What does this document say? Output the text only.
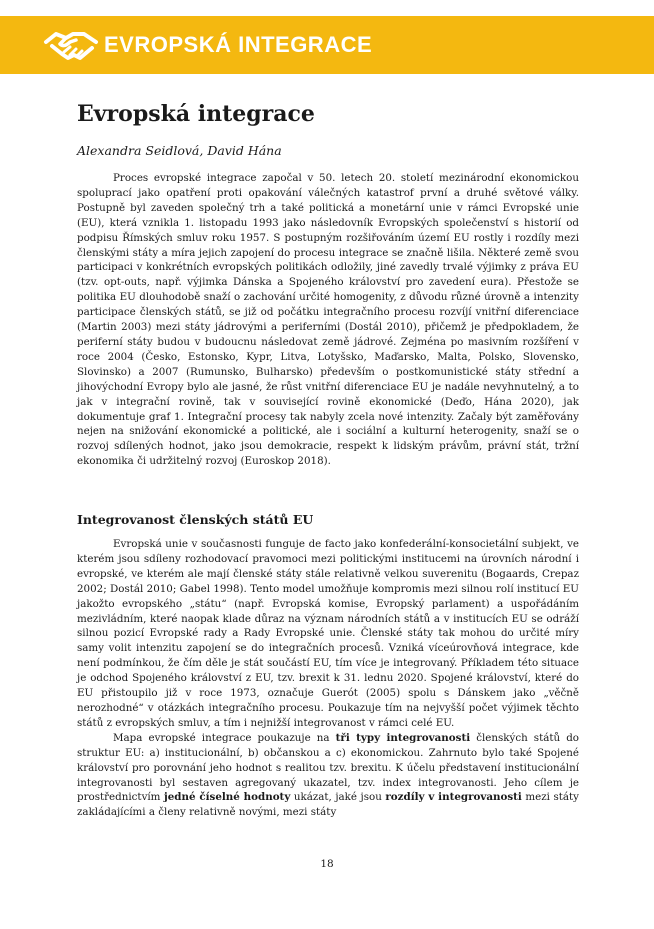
EVROPSKÁ INTEGRACE
Evropská integrace
Alexandra Seidlová, David Hána

Proces evropské integrace započal v 50. letech 20. století mezinárodní ekonomickou spoluprací jako opatření proti opakování válečných katastrof první a druhé světové války. Postupně byl zaveden společný trh a také politická a monetární unie v rámci Evropské unie (EU), která vznikla 1. listopadu 1993 jako následovník Evropských společenství s historií od podpisu Římských smluv roku 1957. S postupným rozšiřováním území EU rostly i rozdíly mezi členskými státy a míra jejich zapojení do procesu integrace se značně lišila. Některé země svou participaci v konkrétních evropských politikách odložily, jiné zavedly trvalé výjimky z práva EU (tzv. opt-outs, např. výjimka Dánska a Spojeného království pro zavedení eura). Přestože se politika EU dlouhodobě snaží o zachování určité homogenity, z důvodu různé úrovně a intenzity participace členských států, se již od počátku integračního procesu rozvíjí vnitřní diferenciace (Martin 2003) mezi státy jádrovými a periferními (Dostál 2010), přičemž je předpokladem, že periferní státy budou v budoucnu následovat země jádrové. Zejména po masivním rozšíření v roce 2004 (Česko, Estonsko, Kypr, Litva, Lotyšsko, Maďarsko, Malta, Polsko, Slovensko, Slovinsko) a 2007 (Rumunsko, Bulharsko) především o postkomunistické státy střední a jihovýchodní Evropy bylo ale jasné, že růst vnitřní diferenciace EU je nadále nevyhnutelný, a to jak v integrační rovině, tak v související rovině ekonomické (Deďo, Hána 2020), jak dokumentuje graf 1. Integrační procesy tak nabyly zcela nové intenzity. Začaly být zaměřovány nejen na snižování ekonomické a politické, ale i sociální a kulturní heterogenity, snaží se o rozvoj sdílených hodnot, jako jsou demokracie, respekt k lidským právům, právní stát, tržní ekonomika či udržitelný rozvoj (Euroskop 2018).

Integrovanost členských států EU

Evropská unie v současnosti funguje de facto jako konfederální-konsocietální subjekt, ve kterém jsou sdíleny rozhodovací pravomoci mezi politickými institucemi na úrovních národní i evropské, ve kterém ale mají členské státy stále relativně velkou suverenitu (Bogaards, Crepaz 2002; Dostál 2010; Gabel 1998). Tento model umožňuje kompromis mezi silnou rolí institucí EU jakožto evropského „státu“ (např. Evropská komise, Evropský parlament) a uspořádáním mezivládním, které naopak klade důraz na význam národních států a v institucích EU se odráží silnou pozicí Evropské rady a Rady Evropské unie. Členské státy tak mohou do určité míry samy volit intenzitu zapojení se do integračních procesů. Vzniká víceúrovňová integrace, kde není podmínkou, že čím děle je stát součástí EU, tím více je integrovaný. Příkladem této situace je odchod Spojeného království z EU, tzv. brexit k 31. lednu 2020. Spojené království, které do EU přistoupilo již v roce 1973, označuje Guerót (2005) spolu s Dánskem jako „věčně nerozhodné“ v otázkách integračního procesu. Poukazuje tím na nejvyšší počet výjimek těchto států z evropských smluv, a tím i nejnižší integrovanost v rámci celé EU.

Mapa evropské integrace poukazuje na tři typy integrovanosti členských států do struktur EU: a) institucionální, b) občanskou a c) ekonomickou. Zahrnuto bylo také Spojené království pro porovnání jeho hodnot s realitou tzv. brexitu. K účelu představení institucionální integrovanosti byl sestaven agregovaný ukazatel, tzv. index integrovanosti. Jeho cílem je prostřednictvím jedné číselné hodnoty ukázat, jaké jsou rozdíly v integrovanosti mezi státy zakládajícími a členy relativně novými, mezi státy

18
